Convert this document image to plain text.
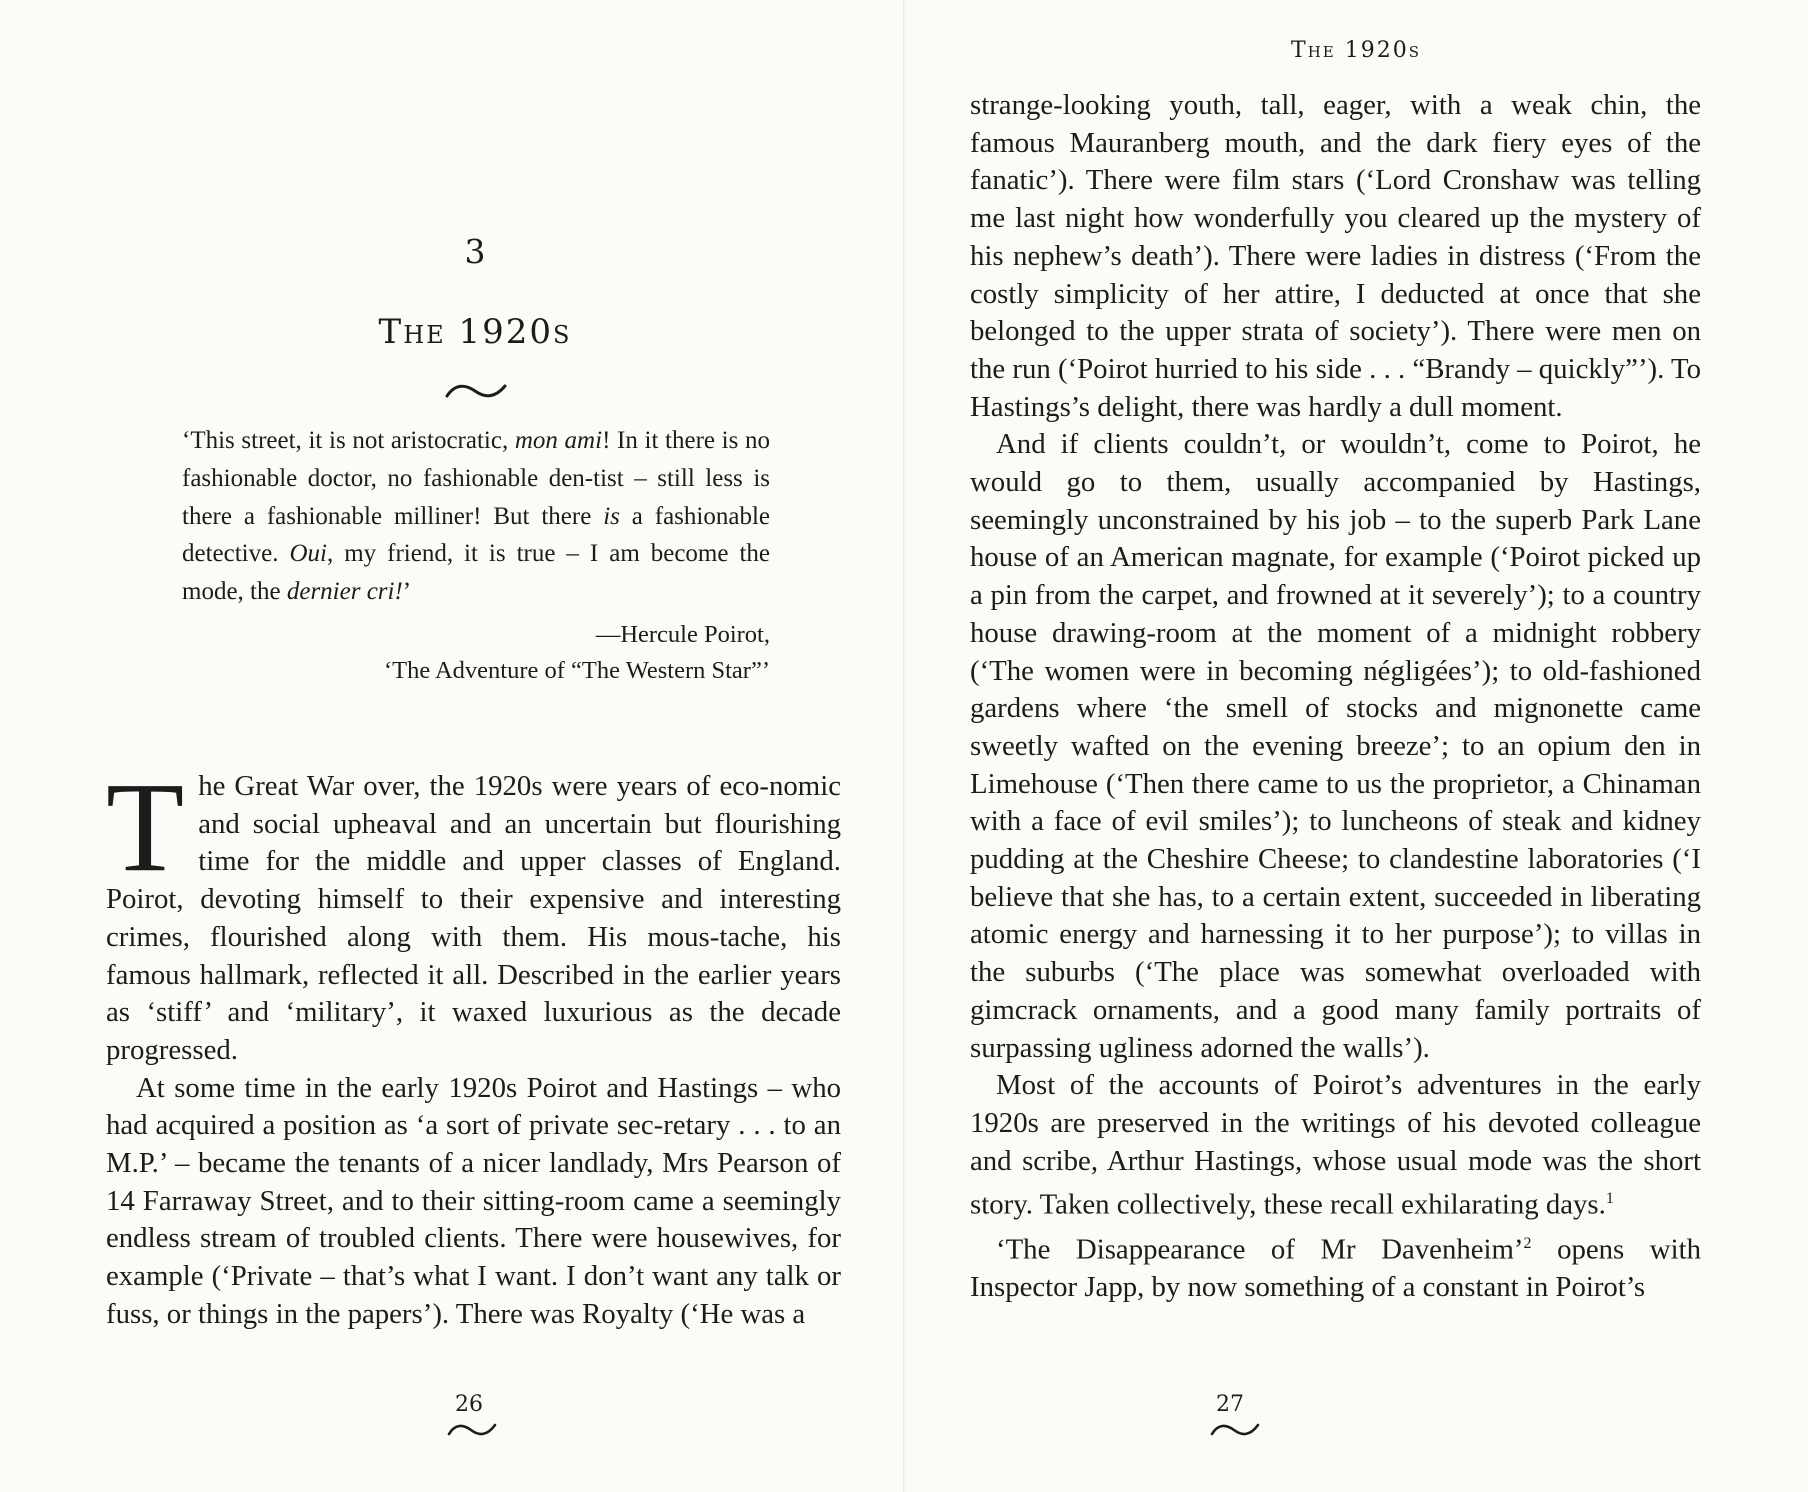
3
The 1920s

‘This street, it is not aristocratic, mon ami! In it there is no fashionable doctor, no fashionable den-tist – still less is there a fashionable milliner! But there is a fashionable detective. Oui, my friend, it is true – I am become the mode, the dernier cri!’

—Hercule Poirot,

‘The Adventure of “The Western Star”’

The Great War over, the 1920s were years of eco-nomic and social upheaval and an uncertain but flourishing time for the middle and upper classes of England. Poirot, devoting himself to their expensive and interesting crimes, flourished along with them. His mous-tache, his famous hallmark, reflected it all. Described in the earlier years as ‘stiff’ and ‘military’, it waxed luxurious as the decade progressed.

At some time in the early 1920s Poirot and Hastings – who had acquired a position as ‘a sort of private sec-retary . . . to an M.P.’ – became the tenants of a nicer landlady, Mrs Pearson of 14 Farraway Street, and to their sitting-room came a seemingly endless stream of troubled clients. There were housewives, for example (‘Private – that’s what I want. I don’t want any talk or fuss, or things in the papers’). There was Royalty (‘He was a

26
The 1920s

strange-looking youth, tall, eager, with a weak chin, the famous Mauranberg mouth, and the dark fiery eyes of the fanatic’). There were film stars (‘Lord Cronshaw was telling me last night how wonderfully you cleared up the mystery of his nephew’s death’). There were ladies in distress (‘From the costly simplicity of her attire, I deducted at once that she belonged to the upper strata of society’). There were men on the run (‘Poirot hurried to his side . . . “Brandy – quickly”’). To Hastings’s delight, there was hardly a dull moment.

And if clients couldn’t, or wouldn’t, come to Poirot, he would go to them, usually accompanied by Hastings, seemingly unconstrained by his job – to the superb Park Lane house of an American magnate, for example (‘Poirot picked up a pin from the carpet, and frowned at it severely’); to a country house drawing-room at the moment of a midnight robbery (‘The women were in becoming négligées’); to old-fashioned gardens where ‘the smell of stocks and mignonette came sweetly wafted on the evening breeze’; to an opium den in Limehouse (‘Then there came to us the proprietor, a Chinaman with a face of evil smiles’); to luncheons of steak and kidney pudding at the Cheshire Cheese; to clandestine laboratories (‘I believe that she has, to a certain extent, succeeded in liberating atomic energy and harnessing it to her purpose’); to villas in the suburbs (‘The place was somewhat overloaded with gimcrack ornaments, and a good many family portraits of surpassing ugliness adorned the walls’).

Most of the accounts of Poirot’s adventures in the early 1920s are preserved in the writings of his devoted colleague and scribe, Arthur Hastings, whose usual mode was the short story. Taken collectively, these recall exhilarating days.$^1$

‘The Disappearance of Mr Davenheim’$^2$ opens with Inspector Japp, by now something of a constant in Poirot’s

27
